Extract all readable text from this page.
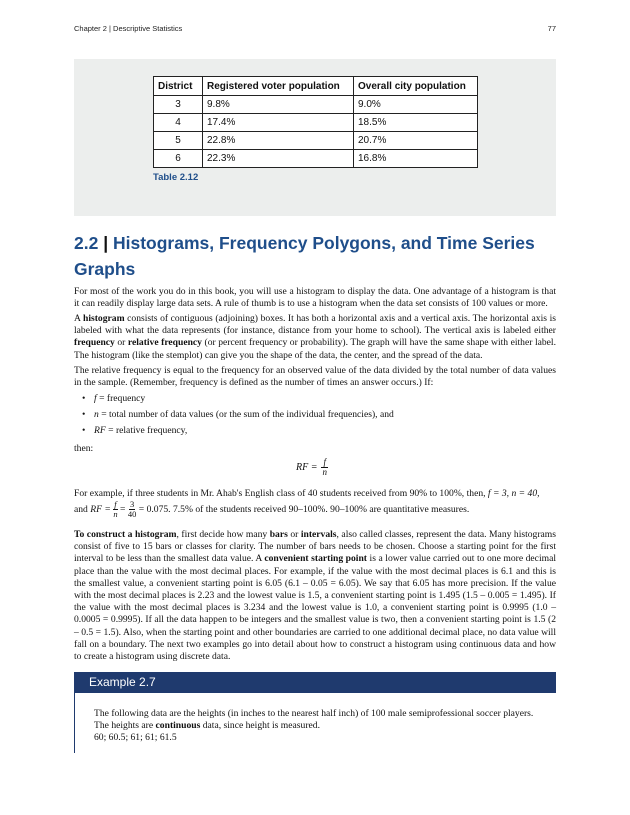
Chapter 2 | Descriptive Statistics	77
District	Registered voter population	Overall city population
3	9.8%	9.0%
4	17.4%	18.5%
5	22.8%	20.7%
6	22.3%	16.8%
Table 2.12
2.2 | Histograms, Frequency Polygons, and Time Series Graphs

For most of the work you do in this book, you will use a histogram to display the data. One advantage of a histogram is that it can readily display large data sets. A rule of thumb is to use a histogram when the data set consists of 100 values or more.

A histogram consists of contiguous (adjoining) boxes. It has both a horizontal axis and a vertical axis. The horizontal axis is labeled with what the data represents (for instance, distance from your home to school). The vertical axis is labeled either frequency or relative frequency (or percent frequency or probability). The graph will have the same shape with either label. The histogram (like the stemplot) can give you the shape of the data, the center, and the spread of the data.

The relative frequency is equal to the frequency for an observed value of the data divided by the total number of data values in the sample. (Remember, frequency is defined as the number of times an answer occurs.) If:

• f = frequency
• n = total number of data values (or the sum of the individual frequencies), and
• RF = relative frequency,

then:

RF = $\frac{f}{n}$

For example, if three students in Mr. Ahab's English class of 40 students received from 90% to 100%, then, f = 3, n = 40,

and RF = $\frac{f}{n} = \frac{3}{40} = 0.075$. 7.5% of the students received 90–100%. 90–100% are quantitative measures.

To construct a histogram, first decide how many bars or intervals, also called classes, represent the data. Many histograms consist of five to 15 bars or classes for clarity. The number of bars needs to be chosen. Choose a starting point for the first interval to be less than the smallest data value. A convenient starting point is a lower value carried out to one more decimal place than the value with the most decimal places. For example, if the value with the most decimal places is 6.1 and this is the smallest value, a convenient starting point is 6.05 (6.1 – 0.05 = 6.05). We say that 6.05 has more precision. If the value with the most decimal places is 2.23 and the lowest value is 1.5, a convenient starting point is 1.495 (1.5 – 0.005 = 1.495). If the value with the most decimal places is 3.234 and the lowest value is 1.0, a convenient starting point is 0.9995 (1.0 – 0.0005 = 0.9995). If all the data happen to be integers and the smallest value is two, then a convenient starting point is 1.5 (2 – 0.5 = 1.5). Also, when the starting point and other boundaries are carried to one additional decimal place, no data value will fall on a boundary. The next two examples go into detail about how to construct a histogram using continuous data and how to create a histogram using discrete data.

Example 2.7

The following data are the heights (in inches to the nearest half inch) of 100 male semiprofessional soccer players.

The heights are continuous data, since height is measured.

60; 60.5; 61; 61; 61.5
